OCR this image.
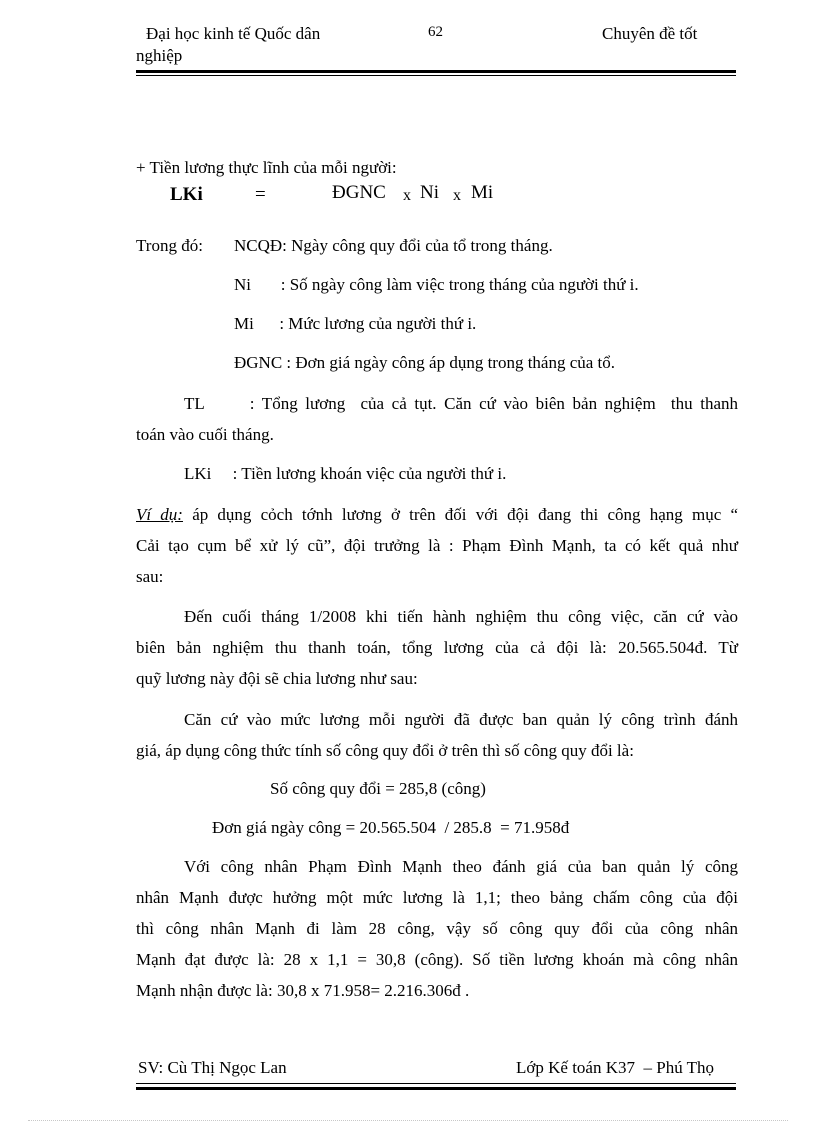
Đại học kinh tế Quốc dân
nghiệp
62	Chuyên đề tốt
+ Tiền lương thực lĩnh của mỗi người:
LKi	=	ĐGNC x Ni x Mi
Trong đó: NCQĐ: Ngày công quy đổi của tổ trong tháng.
Ni       : Số ngày công làm việc trong tháng của người thứ i.
Mi      : Mức lương của người thứ i.
ĐGNC : Đơn giá ngày công áp dụng trong tháng của tổ.
TL      : Tổng lương  của cả tụt. Căn cứ vào biên bản nghiệm  thu thanh
toán vào cuối tháng.
LKi     : Tiền lương khoán việc của người thứ i.
Ví dụ: áp dụng cỏch tớnh lương ở trên đối với đội đang thi công hạng mục “
Cải tạo cụm bể xử lý cũ”, đội trưởng là : Phạm Đình Mạnh, ta có kết quả như
sau:
Đến cuối tháng 1/2008 khi tiến hành nghiệm thu công việc, căn cứ vào
biên bản nghiệm thu thanh toán, tổng lương của cả đội là: 20.565.504đ. Từ
quỹ lương này đội sẽ chia lương như sau:
Căn cứ vào mức lương mỗi người đã được ban quản lý công trình đánh
giá, áp dụng công thức tính số công quy đổi ở trên thì số công quy đổi là:
Số công quy đổi = 285,8 (công)
Đơn giá ngày công = 20.565.504  / 285.8  = 71.958đ
Với công nhân Phạm Đình Mạnh theo đánh giá của ban quản lý công
nhân Mạnh được hưởng một mức lương là 1,1; theo bảng chấm công của đội
thì công nhân Mạnh đi làm 28 công, vậy số công quy đổi của công nhân
Mạnh đạt được là: 28 x 1,1 = 30,8 (công). Số tiền lương khoán mà công nhân
Mạnh nhận được là: 30,8 x 71.958= 2.216.306đ .
SV: Cù Thị Ngọc Lan	Lớp Kế toán K37  – Phú Thọ
